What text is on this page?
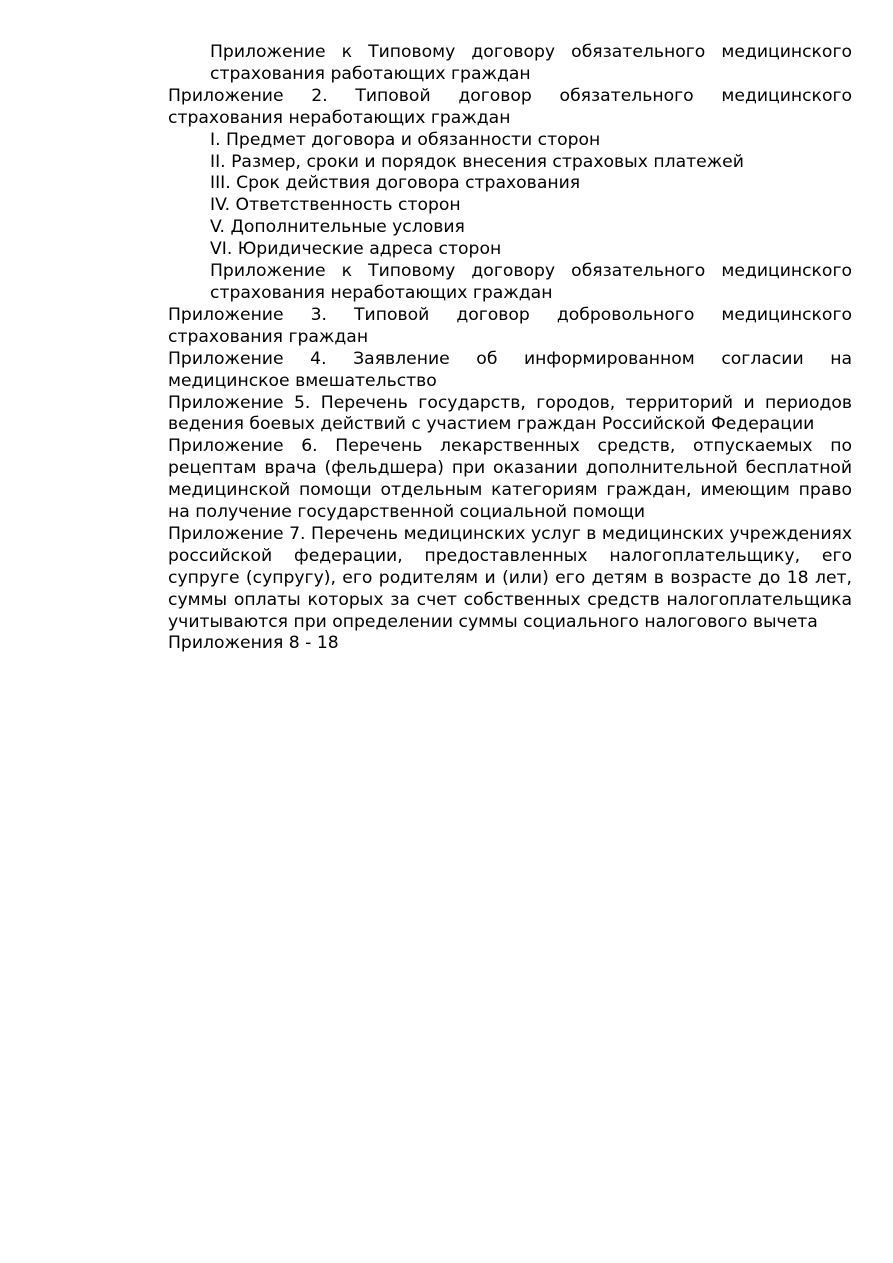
Приложение к Типовому договору обязательного медицинского страхования работающих граждан

Приложение 2. Типовой договор обязательного медицинского страхования неработающих граждан

I. Предмет договора и обязанности сторон

II. Размер, сроки и порядок внесения страховых платежей

III. Срок действия договора страхования

IV. Ответственность сторон

V. Дополнительные условия

VI. Юридические адреса сторон

Приложение к Типовому договору обязательного медицинского страхования неработающих граждан

Приложение 3. Типовой договор добровольного медицинского страхования граждан

Приложение 4. Заявление об информированном согласии на медицинское вмешательство

Приложение 5. Перечень государств, городов, территорий и периодов ведения боевых действий с участием граждан Российской Федерации

Приложение 6. Перечень лекарственных средств, отпускаемых по рецептам врача (фельдшера) при оказании дополнительной бесплатной медицинской помощи отдельным категориям граждан, имеющим право на получение государственной социальной помощи

Приложение 7. Перечень медицинских услуг в медицинских учреждениях российской федерации, предоставленных налогоплательщику, его супруге (супругу), его родителям и (или) его детям в возрасте до 18 лет, суммы оплаты которых за счет собственных средств налогоплательщика учитываются при определении суммы социального налогового вычета

Приложения 8 - 18
